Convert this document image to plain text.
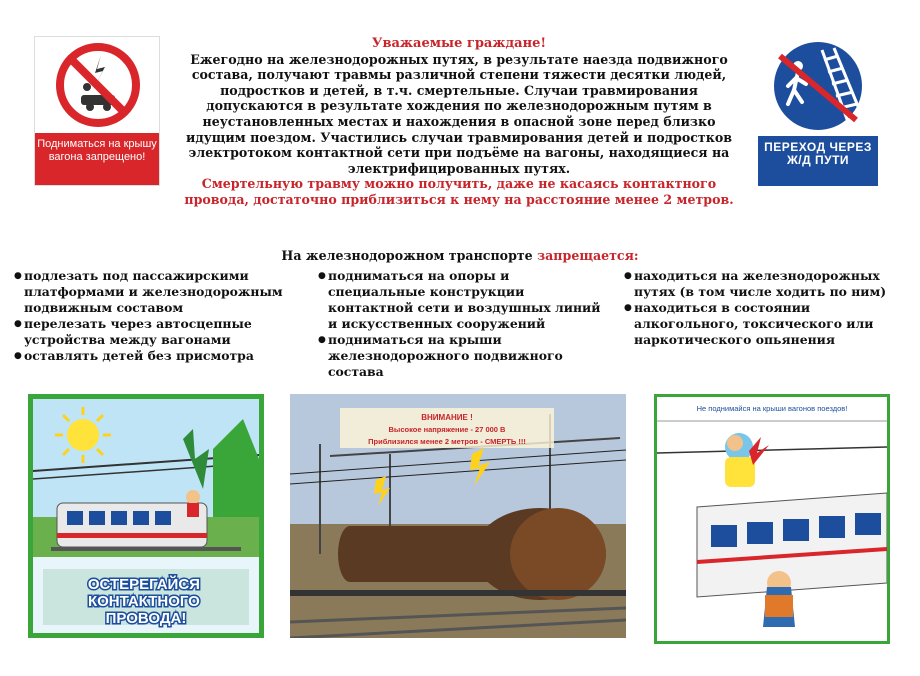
Подниматься на крышу вагона запрещено!
ПЕРЕХОД ЧЕРЕЗ Ж/Д ПУТИ
Уважаемые граждане!
Ежегодно на железнодорожных путях, в результате наезда подвижного состава, получают травмы различной степени тяжести десятки людей, подростков и детей, в т.ч. смертельные. Случаи травмирования допускаются в результате хождения по железнодорожным путям в неустановленных местах и нахождения в опасной зоне перед близко идущим поездом. Участились случаи травмирования детей и подростков электротоком контактной сети при подъёме на вагоны, находящиеся на электрифицированных путях.
Смертельную травму можно получить, даже не касаясь контактного провода, достаточно приблизиться к нему на расстояние менее 2 метров.
На железнодорожном транспорте запрещается:
● подлезать под пассажирскими платформами и железнодорожным подвижным составом
● перелезать через автосцепные устройства между вагонами
● оставлять детей без присмотра
● подниматься на опоры и специальные конструкции контактной сети и воздушных линий и искусственных сооружений
● подниматься на крыши железнодорожного подвижного состава
● находиться на железнодорожных путях (в том числе ходить по ним)
● находиться в состоянии алкогольного, токсического или наркотического опьянения
ОСТЕРЕГАЙСЯ КОНТАКТНОГО ПРОВОДА!
ВНИМАНИЕ !
Высокое напряжение - 27 000 В
Приблизился менее 2 метров - СМЕРТЬ !!!
Не поднимайся на крыши вагонов поездов!
